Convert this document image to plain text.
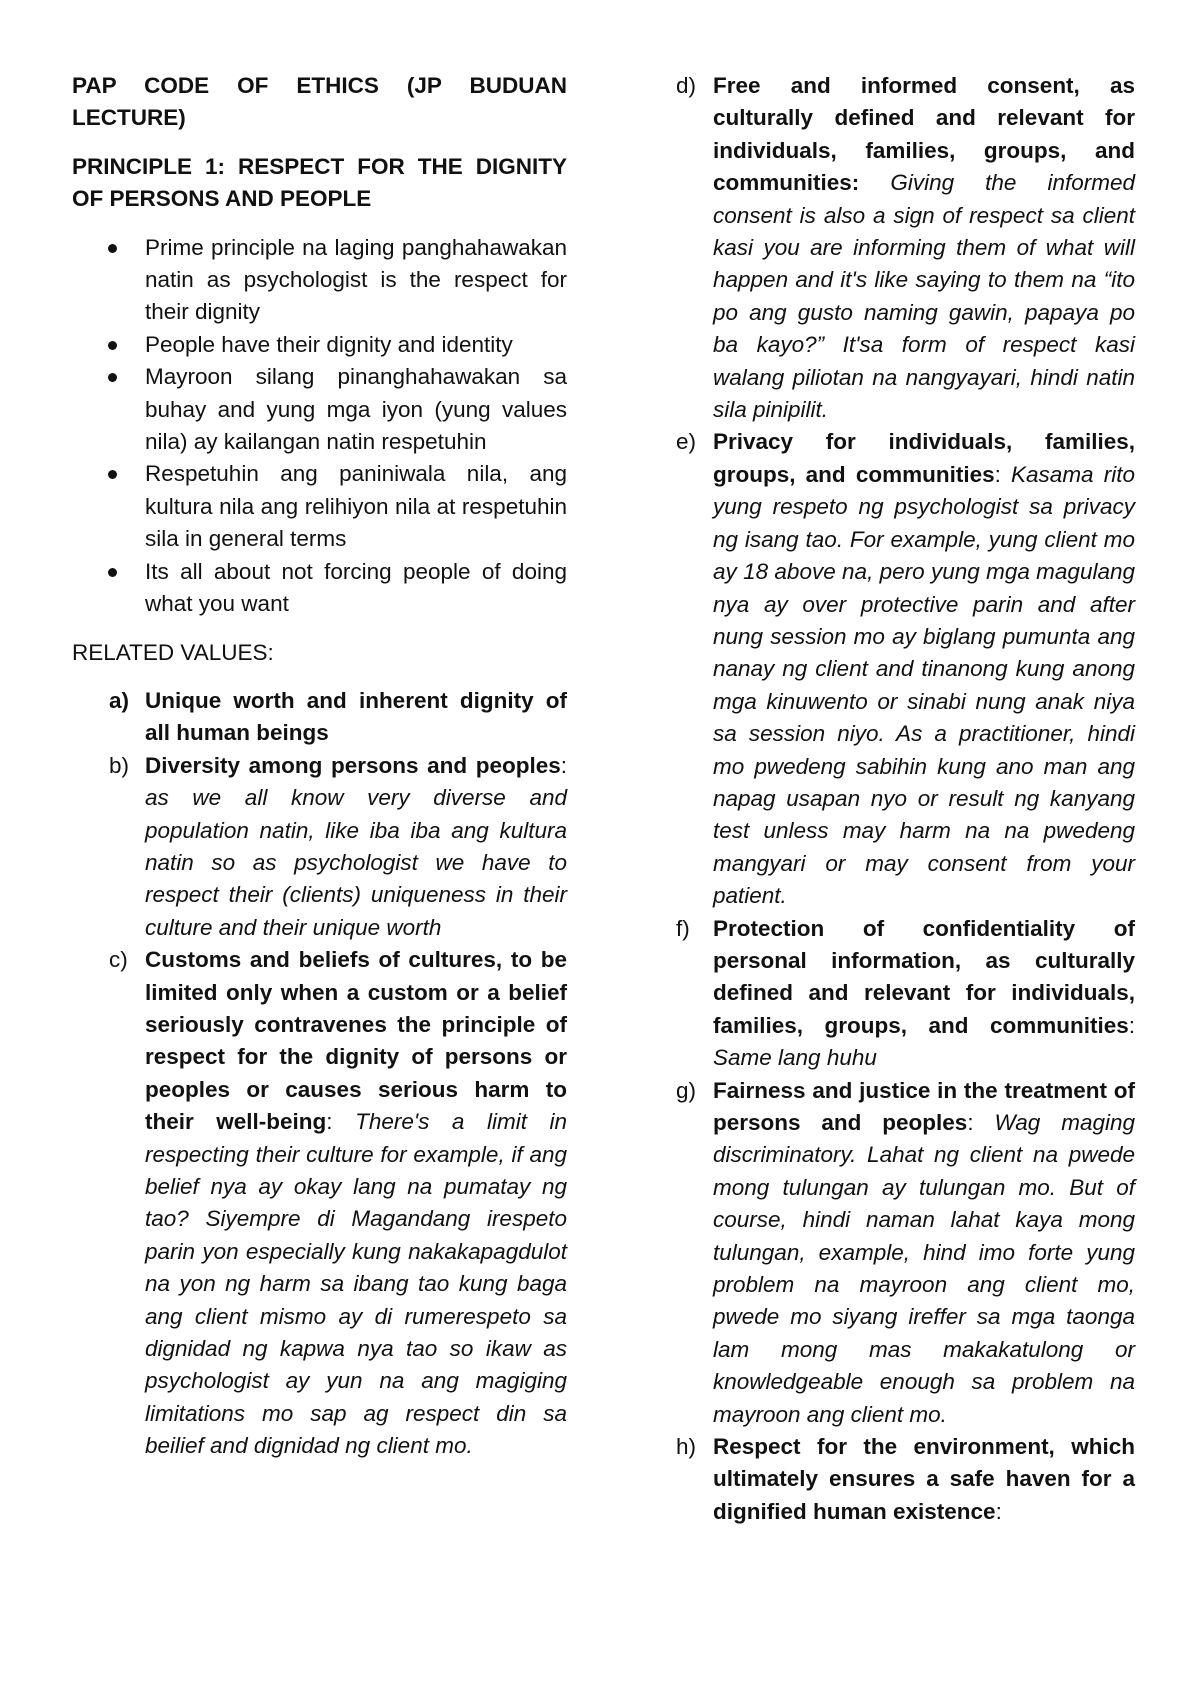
PAP CODE OF ETHICS (JP BUDUAN LECTURE)

PRINCIPLE 1: RESPECT FOR THE DIGNITY OF PERSONS AND PEOPLE

Prime principle na laging panghahawakan natin as psychologist is the respect for their dignity
People have their dignity and identity
Mayroon silang pinanghahawakan sa buhay and yung mga iyon (yung values nila) ay kailangan natin respetuhin
Respetuhin ang paniniwala nila, ang kultura nila ang relihiyon nila at respetuhin sila in general terms
Its all about not forcing people of doing what you want

RELATED VALUES:

a) Unique worth and inherent dignity of all human beings
b) Diversity among persons and peoples: as we all know very diverse and population natin, like iba iba ang kultura natin so as psychologist we have to respect their (clients) uniqueness in their culture and their unique worth
c) Customs and beliefs of cultures, to be limited only when a custom or a belief seriously contravenes the principle of respect for the dignity of persons or peoples or causes serious harm to their well-being: There's a limit in respecting their culture for example, if ang belief nya ay okay lang na pumatay ng tao? Siyempre di Magandang irespeto parin yon especially kung nakakapagdulot na yon ng harm sa ibang tao kung baga ang client mismo ay di rumerespeto sa dignidad ng kapwa nya tao so ikaw as psychologist ay yun na ang magiging limitations mo sap ag respect din sa beilief and dignidad ng client mo.
d) Free and informed consent, as culturally defined and relevant for individuals, families, groups, and communities: Giving the informed consent is also a sign of respect sa client kasi you are informing them of what will happen and it's like saying to them na “ito po ang gusto naming gawin, papaya po ba kayo?” It'sa form of respect kasi walang piliotan na nangyayari, hindi natin sila pinipilit.
e) Privacy for individuals, families, groups, and communities: Kasama rito yung respeto ng psychologist sa privacy ng isang tao. For example, yung client mo ay 18 above na, pero yung mga magulang nya ay over protective parin and after nung session mo ay biglang pumunta ang nanay ng client and tinanong kung anong mga kinuwento or sinabi nung anak niya sa session niyo. As a practitioner, hindi mo pwedeng sabihin kung ano man ang napag usapan nyo or result ng kanyang test unless may harm na na pwedeng mangyari or may consent from your patient.
f) Protection of confidentiality of personal information, as culturally defined and relevant for individuals, families, groups, and communities: Same lang huhu
g) Fairness and justice in the treatment of persons and peoples: Wag maging discriminatory. Lahat ng client na pwede mong tulungan ay tulungan mo. But of course, hindi naman lahat kaya mong tulungan, example, hind imo forte yung problem na mayroon ang client mo, pwede mo siyang ireffer sa mga taonga lam mong mas makakatulong or knowledgeable enough sa problem na mayroon ang client mo.
h) Respect for the environment, which ultimately ensures a safe haven for a dignified human existence:
